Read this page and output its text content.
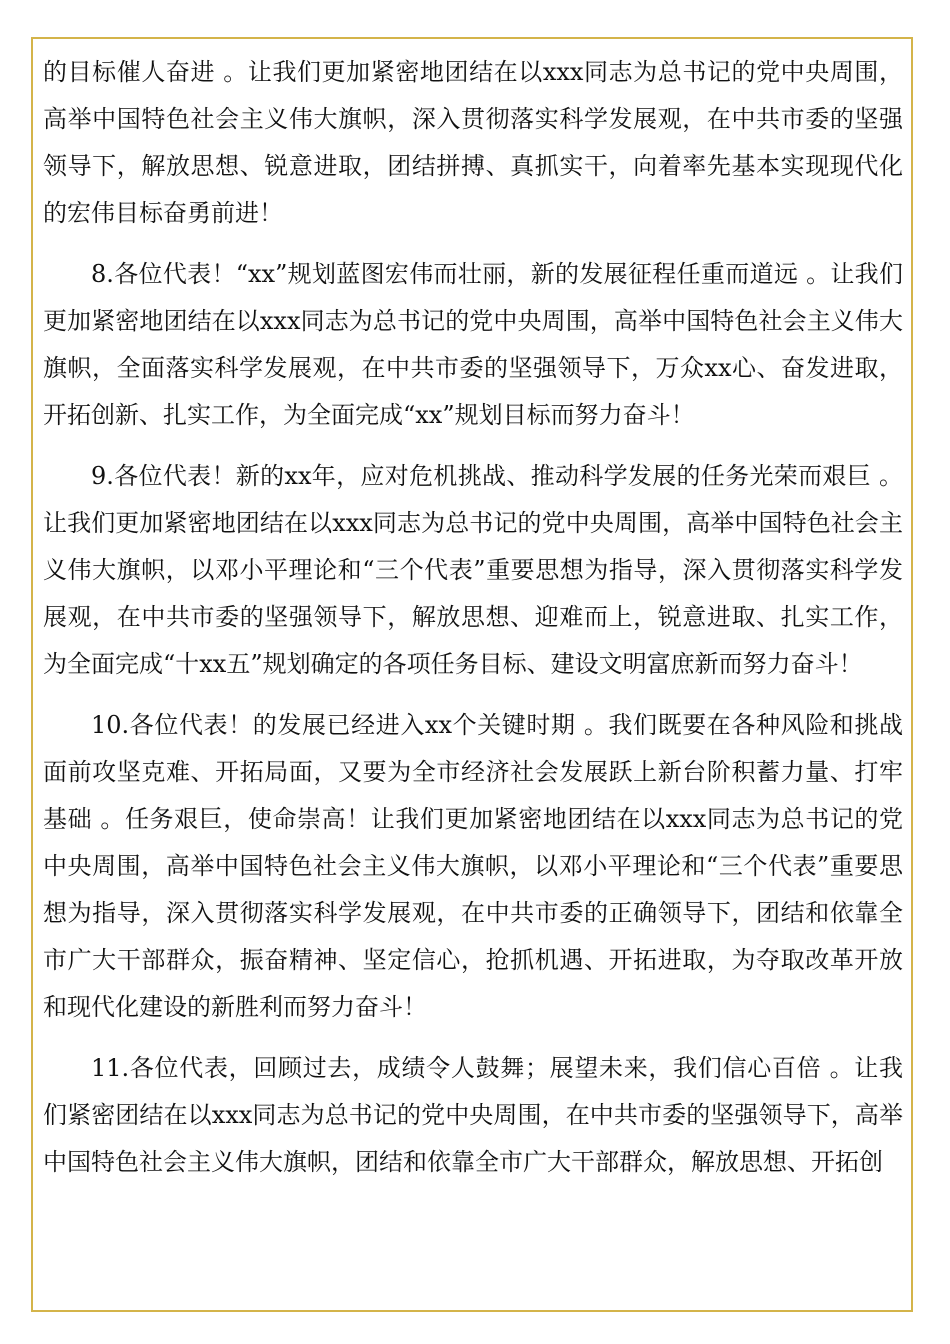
的目标催人奋进 。让我们更加紧密地团结在以xxx同志为总书记的党中央周围，高举中国特色社会主义伟大旗帜，深入贯彻落实科学发展观，在中共市委的坚强领导下，解放思想、锐意进取，团结拼搏、真抓实干，向着率先基本实现现代化的宏伟目标奋勇前进！

8.各位代表！“xx”规划蓝图宏伟而壮丽，新的发展征程任重而道远 。让我们更加紧密地团结在以xxx同志为总书记的党中央周围，高举中国特色社会主义伟大旗帜，全面落实科学发展观，在中共市委的坚强领导下，万众xx心、奋发进取，开拓创新、扎实工作，为全面完成“xx”规划目标而努力奋斗！

9.各位代表！新的xx年，应对危机挑战、推动科学发展的任务光荣而艰巨 。让我们更加紧密地团结在以xxx同志为总书记的党中央周围，高举中国特色社会主义伟大旗帜，以邓小平理论和“三个代表”重要思想为指导，深入贯彻落实科学发展观，在中共市委的坚强领导下，解放思想、迎难而上，锐意进取、扎实工作，为全面完成“十xx五”规划确定的各项任务目标、建设文明富庶新而努力奋斗！

10.各位代表！的发展已经进入xx个关键时期 。我们既要在各种风险和挑战面前攻坚克难、开拓局面，又要为全市经济社会发展跃上新台阶积蓄力量、打牢基础 。任务艰巨，使命崇高！让我们更加紧密地团结在以xxx同志为总书记的党中央周围，高举中国特色社会主义伟大旗帜，以邓小平理论和“三个代表”重要思想为指导，深入贯彻落实科学发展观，在中共市委的正确领导下，团结和依靠全市广大干部群众，振奋精神、坚定信心，抢抓机遇、开拓进取，为夺取改革开放和现代化建设的新胜利而努力奋斗！

11.各位代表，回顾过去，成绩令人鼓舞；展望未来，我们信心百倍 。让我们紧密团结在以xxx同志为总书记的党中央周围，在中共市委的坚强领导下，高举中国特色社会主义伟大旗帜，团结和依靠全市广大干部群众，解放思想、开拓创
